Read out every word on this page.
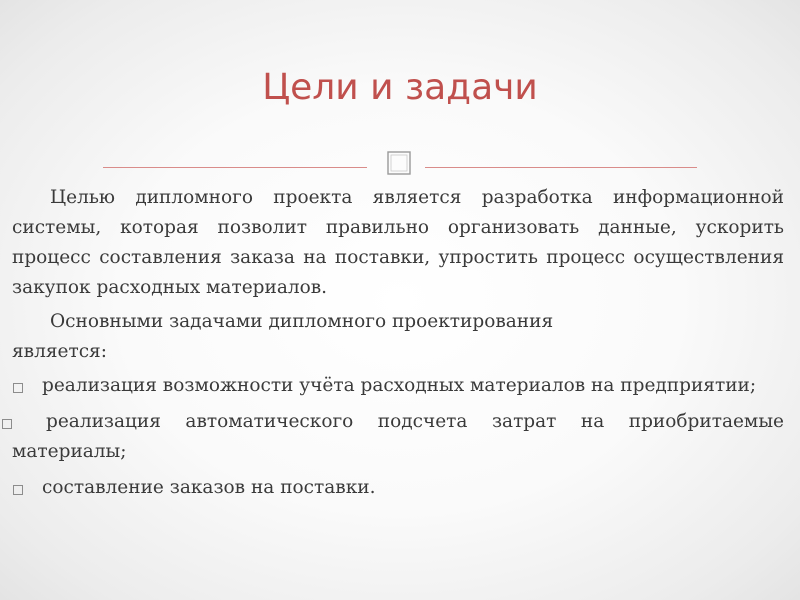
Цели и задачи

Целью дипломного проекта является разработка информационной системы, которая позволит правильно организовать данные, ускорить процесс составления заказа на поставки, упростить процесс осуществления закупок расходных материалов.

Основными задачами дипломного проектирования
является:

реализация возможности учёта расходных материалов на предприятии;

реализация автоматического подсчета затрат на приобритаемые материалы;

составление заказов на поставки.
